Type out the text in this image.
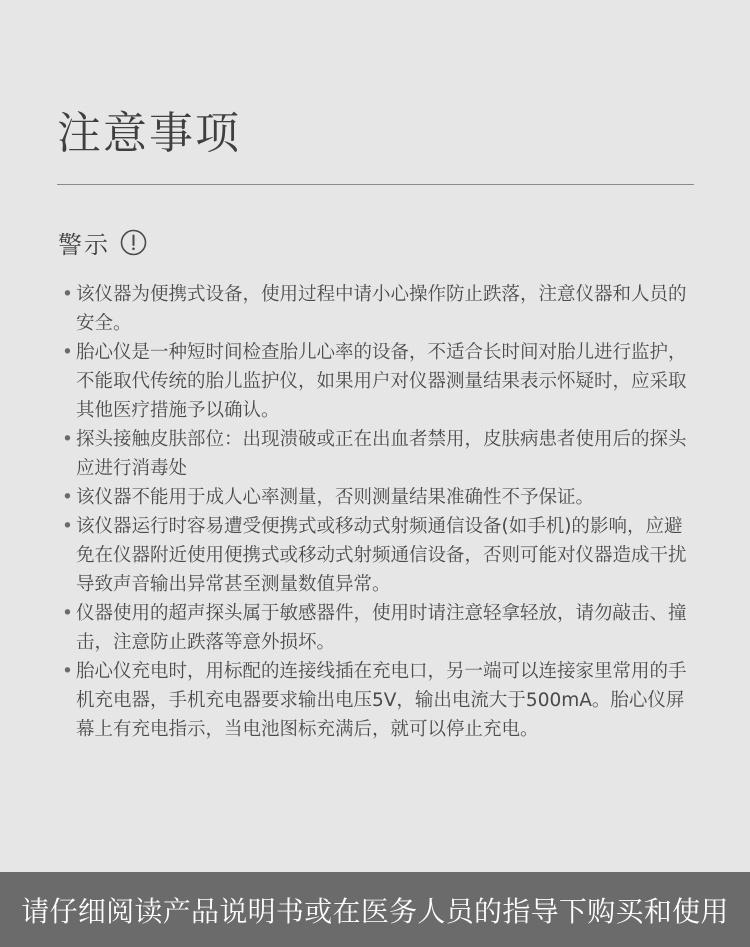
注意事项
警示
• 该仪器为便携式设备，使用过程中请小心操作防止跌落，注意仪器和人员的安全。
• 胎心仪是一种短时间检查胎儿心率的设备，不适合长时间对胎儿进行监护，不能取代传统的胎儿监护仪，如果用户对仪器测量结果表示怀疑时，应采取其他医疗措施予以确认。
• 探头接触皮肤部位：出现溃破或正在出血者禁用，皮肤病患者使用后的探头应进行消毒处
• 该仪器不能用于成人心率测量，否则测量结果准确性不予保证。
• 该仪器运行时容易遭受便携式或移动式射频通信设备(如手机)的影响，应避免在仪器附近使用便携式或移动式射频通信设备，否则可能对仪器造成干扰导致声音输出异常甚至测量数值异常。
• 仪器使用的超声探头属于敏感器件，使用时请注意轻拿轻放，请勿敲击、撞击，注意防止跌落等意外损坏。
• 胎心仪充电时，用标配的连接线插在充电口，另一端可以连接家里常用的手机充电器，手机充电器要求输出电压5V，输出电流大于500mA。胎心仪屏幕上有充电指示，当电池图标充满后，就可以停止充电。
请仔细阅读产品说明书或在医务人员的指导下购买和使用
